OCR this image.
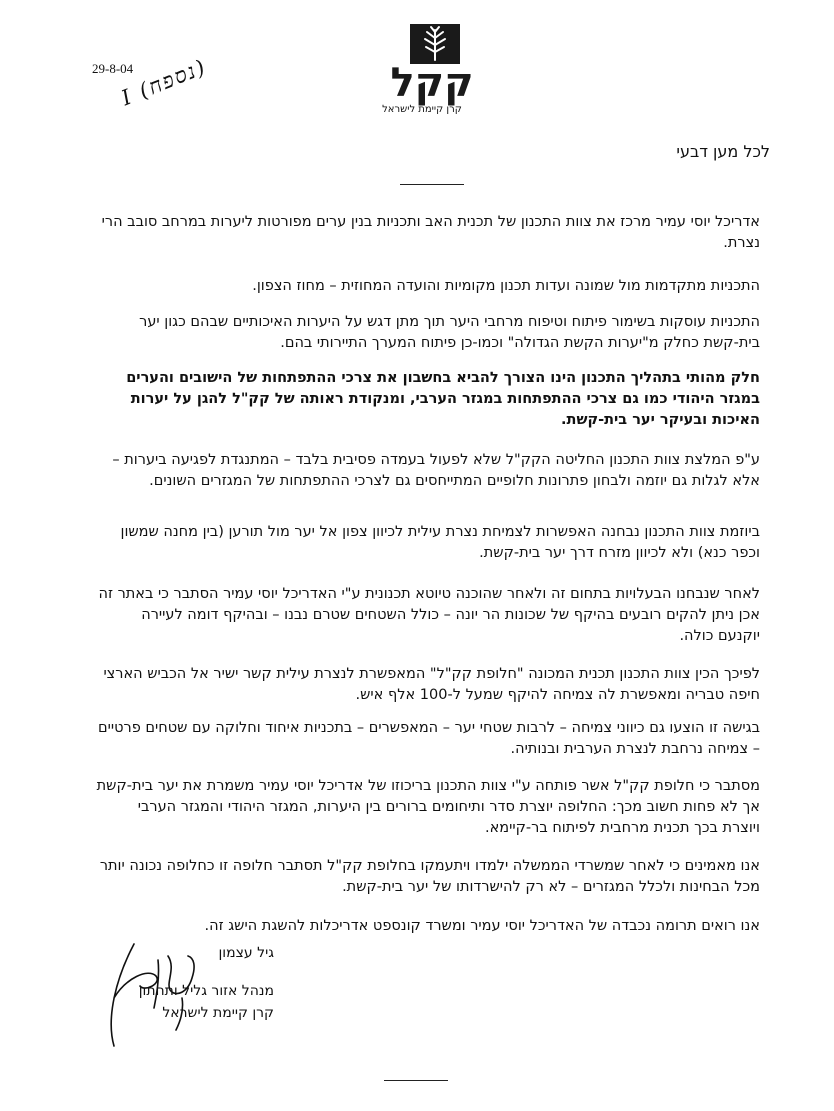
29-8-04
I (נספח)	קקל
קרן קיימת לישראל
לכל מען דבעי
אדריכל יוסי עמיר מרכז את צוות התכנון של תכנית האב ותכניות בנין ערים מפורטות ליערות במרחב סובב הרי נצרת.
התכניות מתקדמות מול שמונה ועדות תכנון מקומיות והועדה המחוזית – מחוז הצפון.
התכניות עוסקות בשימור פיתוח וטיפוח מרחבי היער תוך מתן דגש על היערות האיכותיים שבהם כגון יער בית-קשת כחלק מ"יערות הקשת הגדולה" וכמו-כן פיתוח המערך התיירותי בהם.
חלק מהותי בתהליך התכנון הינו הצורך להביא בחשבון את צרכי ההתפתחות של הישובים והערים במגזר היהודי כמו גם צרכי ההתפתחות במגזר הערבי, ומנקודת ראותה של קק"ל להגן על יערות האיכות ובעיקר יער בית-קשת.
ע"פ המלצת צוות התכנון החליטה הקק"ל שלא לפעול בעמדה פסיבית בלבד – המתנגדת לפגיעה ביערות – אלא לגלות גם יוזמה ולבחון פתרונות חלופיים המתייחסים גם לצרכי ההתפתחות של המגזרים השונים.
ביוזמת צוות התכנון נבחנה האפשרות לצמיחת נצרת עילית לכיוון צפון אל יער מול תורען (בין מחנה שמשון וכפר כנא) ולא לכיוון מזרח דרך יער בית-קשת.
לאחר שנבחנו הבעלויות בתחום זה ולאחר שהוכנה טיוטא תכנונית ע"י האדריכל יוסי עמיר הסתבר כי באתר זה אכן ניתן להקים רובעים בהיקף של שכונות הר יונה – כולל השטחים שטרם נבנו – ובהיקף דומה לעיירה יוקנעם כולה.
לפיכך הכין צוות התכנון תכנית המכונה "חלופת קק"ל" המאפשרת לנצרת עילית קשר ישיר אל הכביש הארצי חיפה טבריה ומאפשרת לה צמיחה להיקף שמעל ל-100 אלף איש.
בגישה זו הוצעו גם כיווני צמיחה – לרבות שטחי יער – המאפשרים – בתכניות איחוד וחלוקה עם שטחים פרטיים – צמיחה נרחבת לנצרת הערבית ובנותיה.
מסתבר כי חלופת קק"ל אשר פותחה ע"י צוות התכנון בריכוזו של אדריכל יוסי עמיר משמרת את יער בית-קשת אך לא פחות חשוב מכך: החלופה יוצרת סדר ותיחומים ברורים בין היערות, המגזר היהודי והמגזר הערבי ויוצרת בכך תכנית מרחבית לפיתוח בר-קיימא.
אנו מאמינים כי לאחר שמשרדי הממשלה ילמדו ויתעמקו בחלופת קק"ל תסתבר חלופה זו כחלופה נכונה יותר מכל הבחינות ולכלל המגזרים – לא רק להישרדותו של יער בית-קשת.
אנו רואים תרומה נכבדה של האדריכל יוסי עמיר ומשרד קונספט אדריכלות להשגת הישג זה.
גיל עצמון
מנהל אזור גליל ותחתון
קרן קיימת לישראל
